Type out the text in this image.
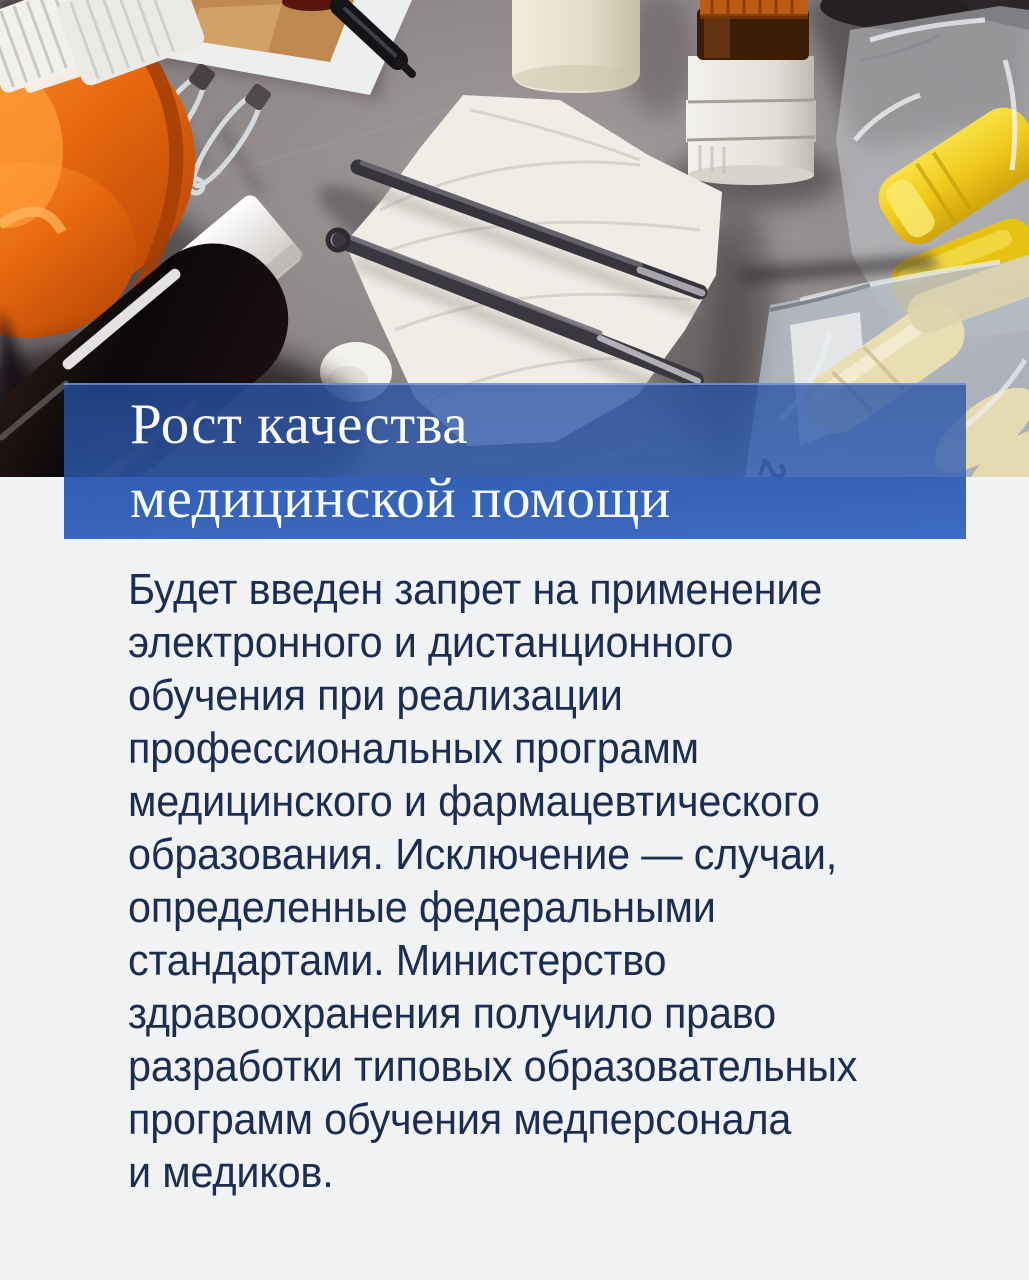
Рост качества
медицинской помощи
Будет введен запрет на применение
электронного и дистанционного
обучения при реализации
профессиональных программ
медицинского и фармацевтического
образования. Исключение — случаи,
определенные федеральными
стандартами. Министерство
здравоохранения получило право
разработки типовых образовательных
программ обучения медперсонала
и медиков.
